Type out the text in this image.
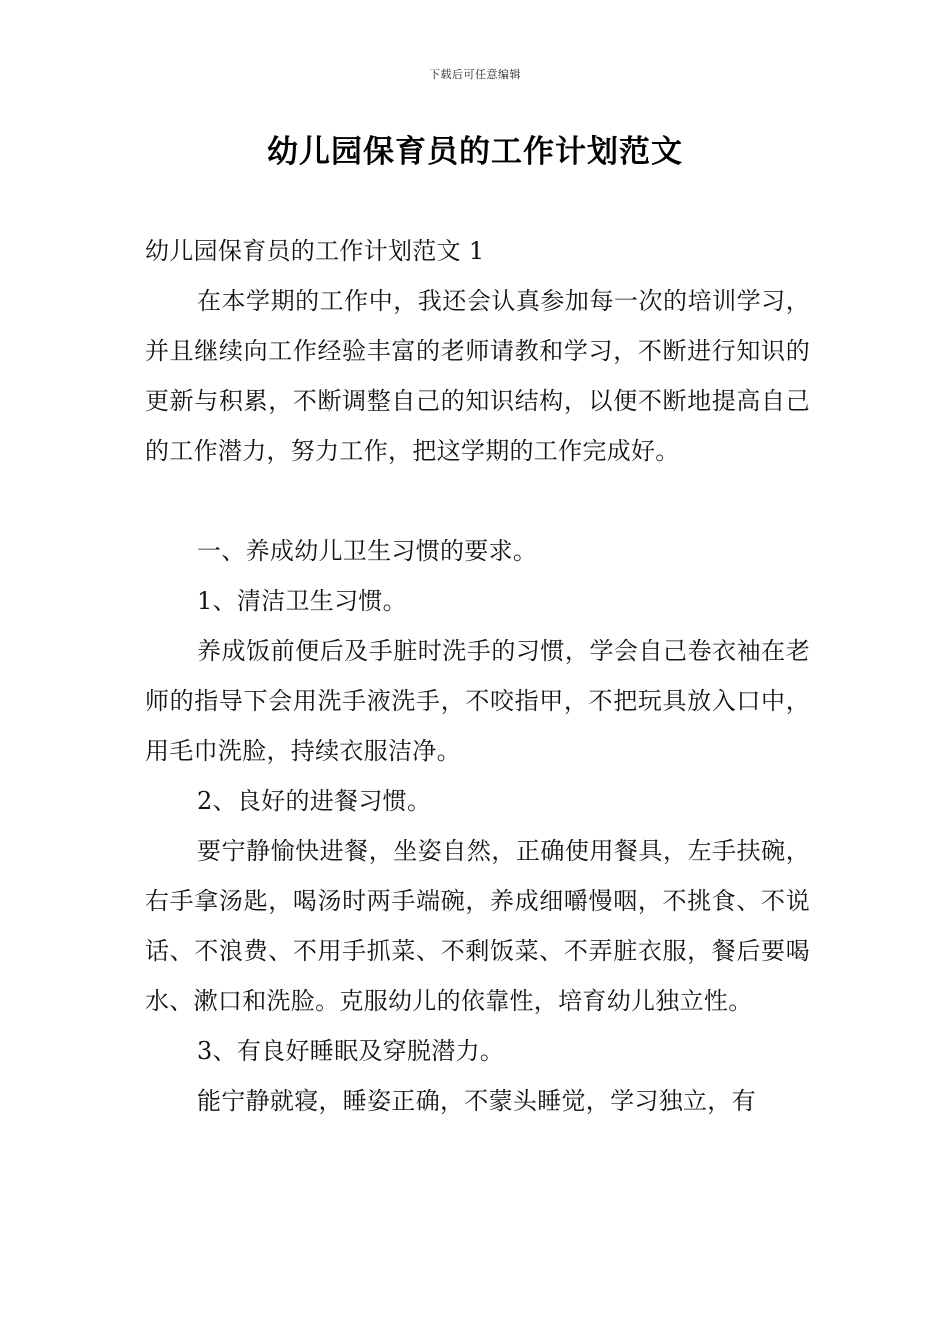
下载后可任意编辑
幼儿园保育员的工作计划范文

幼儿园保育员的工作计划范文 1

在本学期的工作中，我还会认真参加每一次的培训学习，并且继续向工作经验丰富的老师请教和学习，不断进行知识的更新与积累，不断调整自己的知识结构，以便不断地提高自己的工作潜力，努力工作，把这学期的工作完成好。

一、养成幼儿卫生习惯的要求。

1、清洁卫生习惯。

养成饭前便后及手脏时洗手的习惯，学会自己卷衣袖在老师的指导下会用洗手液洗手，不咬指甲，不把玩具放入口中，用毛巾洗脸，持续衣服洁净。

2、良好的进餐习惯。

要宁静愉快进餐，坐姿自然，正确使用餐具，左手扶碗，右手拿汤匙，喝汤时两手端碗，养成细嚼慢咽，不挑食、不说话、不浪费、不用手抓菜、不剩饭菜、不弄脏衣服，餐后要喝水、漱口和洗脸。克服幼儿的依靠性，培育幼儿独立性。

3、有良好睡眠及穿脱潜力。

能宁静就寝，睡姿正确，不蒙头睡觉，学习独立，有
